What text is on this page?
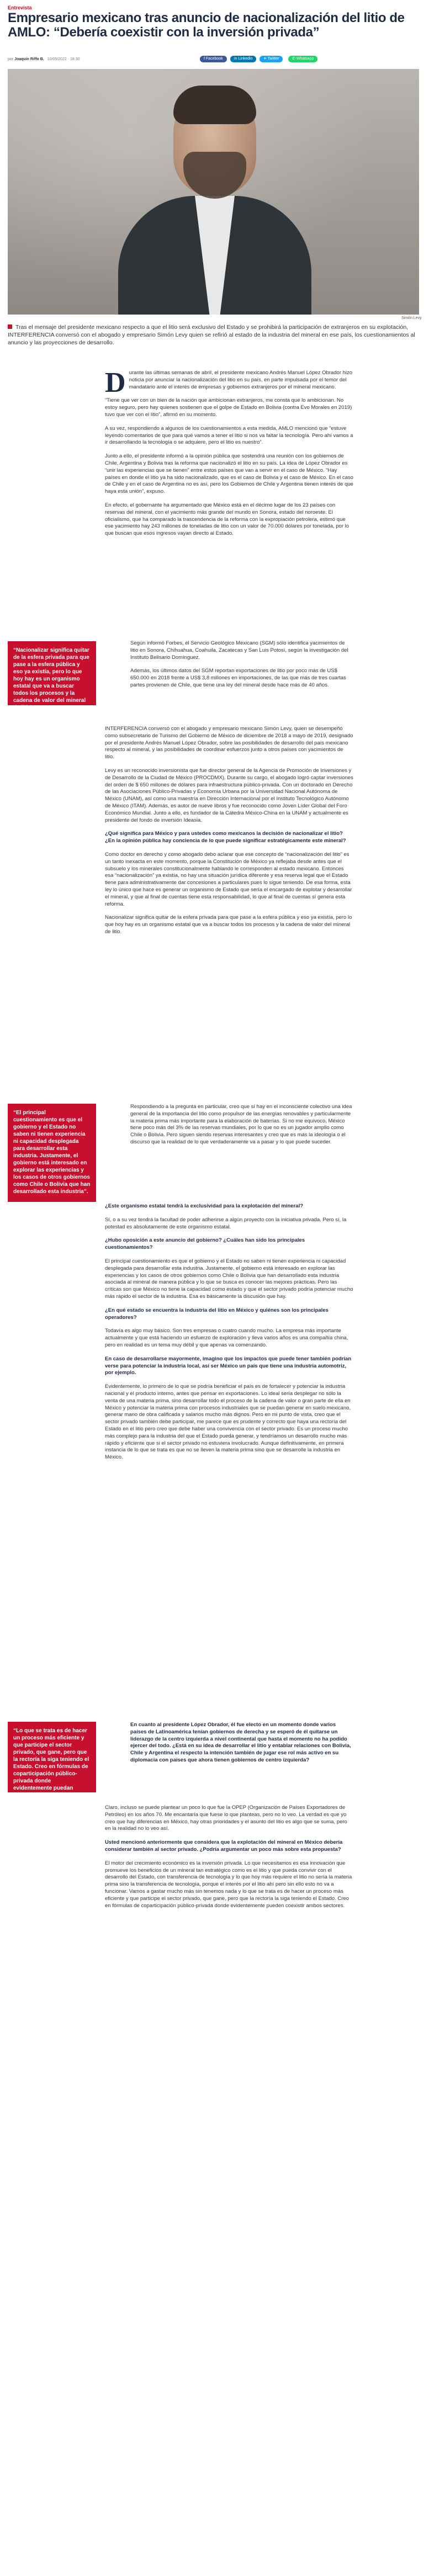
Entrevista
Empresario mexicano tras anuncio de nacionalización del litio de AMLO: “Debería coexistir con la inversión privada”
por Joaquín Riffo B. 10/05/2022 · 18:30	f Facebook	in Linkedin	✦ Twitter	✆ Whatsapp
Simón Levy
Tras el mensaje del presidente mexicano respecto a que el litio será exclusivo del Estado y se prohibirá la participación de extranjeros en su explotación, INTERFERENCIA conversó con el abogado y empresario Simón Levy quien se refirió al estado de la industria del mineral en ese país, los cuestionamientos al anuncio y las proyecciones de desarrollo.

Durante las últimas semanas de abril, el presidente mexicano Andrés Manuel López Obrador hizo noticia por anunciar la nacionalización del litio en su país, en parte impulsada por el temor del mandatario ante el interés de empresas y gobiernos extranjeros por el mineral mexicano.

“Tiene que ver con un bien de la nación que ambicionan extranjeros, me consta que lo ambicionan. No estoy seguro, pero hay quienes sostienen que el golpe de Estado en Bolivia (contra Evo Morales en 2019) tuvo que ver con el litio”, afirmó en su momento.

A su vez, respondiendo a algunos de los cuestionamientos a esta medida, AMLO mencionó que “estuve leyendo comentarios de que para qué vamos a tener el litio si nos va faltar la tecnología. Pero ahí vamos a ir desarrollando la tecnología o se adquiere, pero el litio es nuestro”.

Junto a ello, el presidente informó a la opinión pública que sostendrá una reunión con los gobiernos de Chile, Argentina y Bolivia tras la reforma que nacionalizó el litio en su país. La idea de López Obrador es “unir las experiencias que se tienen” entre estos países que van a servir en el caso de México. “Hay países en donde el litio ya ha sido nacionalizado, que es el caso de Bolivia y el caso de México. En el caso de Chile y en el caso de Argentina no es así, pero los Gobiernos de Chile y Argentina tienen interés de que haya esta unión”, expuso.

En efecto, el gobernante ha argumentado que México está en el décimo lugar de los 23 países con reservas del mineral, con el yacimiento más grande del mundo en Sonora, estado del noroeste. El oficialismo, que ha comparado la trascendencia de la reforma con la expropiación petrolera, estimó que ese yacimiento hay 243 millones de toneladas de litio con un valor de 70.000 dólares por tonelada, por lo que buscan que esos ingresos vayan directo al Estado.

“Nacionalizar significa quitar de la esfera privada para que pase a la esfera pública y eso ya existía, pero lo que hoy hay es un organismo estatal que va a buscar todos los procesos y la cadena de valor del mineral de litio”.

Según informó Forbes, el Servicio Geológico Mexicano (SGM) sólo identifica yacimientos de litio en Sonora, Chihuahua, Coahuila, Zacatecas y San Luis Potosí, según la investigación del Instituto Belisario Domínguez.

Además, los últimos datos del SGM reportan exportaciones de litio por poco más de US$ 650.000 en 2018 frente a US$ 3,8 millones en importaciones, de las que más de tres cuartas partes provienen de Chile, que tiene una ley del mineral desde hace más de 40 años.

INTERFERENCIA conversó con el abogado y empresario mexicano Simón Levy, quien se desempeñó como subsecretario de Turismo del Gobierno de México de diciembre de 2018 a mayo de 2019, designado por el presidente Andrés Manuel López Obrador, sobre las posibilidades de desarrollo del país mexicano respecto al mineral, y las posibilidades de coordinar esfuerzos junto a otros países con yacimientos de litio.

Levy es un reconocido inversionista que fue director general de la Agencia de Promoción de Inversiones y de Desarrollo de la Ciudad de México (PROCDMX). Durante su cargo, el abogado logró captar inversiones del orden de $ 650 millones de dólares para infraestructura público-privada. Con un doctorado en Derecho de las Asociaciones Público-Privadas y Economía Urbana por la Universidad Nacional Autónoma de México (UNAM), así como una maestría en Dirección Internacional por el Instituto Tecnológico Autónomo de México (ITAM). Además, es autor de nueve libros y fue reconocido como Joven Líder Global del Foro Económico Mundial. Junto a ello, es fundador de la Cátedra México-China en la UNAM y actualmente es presidente del fondo de inversión Ideasia.

¿Qué significa para México y para ustedes como mexicanos la decisión de nacionalizar el litio? ¿En la opinión pública hay conciencia de lo que puede significar estratégicamente este mineral?

Como doctor en derecho y como abogado debo aclarar que ese concepto de “nacionalización del litio” es un tanto inexacta en este momento, porque la Constitución de México ya reflejaba desde antes que el subsuelo y los minerales constitucionalmente hablando le corresponden al estado mexicano. Entonces esa “nacionalización” ya existía, no hay una situación jurídica diferente y esa reserva legal que el Estado tiene para administrativamente dar concesiones a particulares pues lo sigue teniendo. De esa forma, esta ley lo único que hace es generar un organismo de Estado que sería el encargado de explotar y desarrollar el mineral, y que al final de cuentas tiene esta responsabilidad, lo que al final de cuentas sí genera esta reforma.

Nacionalizar significa quitar de la esfera privada para que pase a la esfera pública y eso ya existía, pero lo que hoy hay es un organismo estatal que va a buscar todos los procesos y la cadena de valor del mineral de litio.

“El principal cuestionamiento es que el gobierno y el Estado no saben ni tienen experiencia ni capacidad desplegada para desarrollar esta industria. Justamente, el gobierno está interesado en explorar las experiencias y los casos de otros gobiernos como Chile o Bolivia que han desarrollado esta industria”.

Respondiendo a la pregunta en particular, creo que sí hay en el inconsciente colectivo una idea general de la importancia del litio como propulsor de las energías renovables y particularmente la materia prima más importante para la elaboración de baterías. Si no me equivoco, México tiene poco más del 3% de las reservas mundiales, por lo que no es un jugador amplio como Chile o Bolivia. Pero siguen siendo reservas interesantes y creo que es más la ideología o el discurso que la realidad de lo que verdaderamente va a pasar y lo que puede suceder.

¿Este organismo estatal tendrá la exclusividad para la explotación del mineral?

Sí, o a su vez tendrá la facultad de poder adherirse a algún proyecto con la iniciativa privada. Pero sí, la potestad es absolutamente de este organismo estatal.

¿Hubo oposición a este anuncio del gobierno? ¿Cuáles han sido los principales cuestionamientos?

El principal cuestionamiento es que el gobierno y el Estado no saben ni tienen experiencia ni capacidad desplegada para desarrollar esta industria. Justamente, el gobierno está interesado en explorar las experiencias y los casos de otros gobiernos como Chile o Bolivia que han desarrollado esta industria asociada al mineral de manera pública y lo que se busca es conocer las mejores prácticas. Pero las críticas son que México no tiene la capacidad como estado y que el sector privado podría potenciar mucho más rápido el sector de la industria. Esa es básicamente la discusión que hay.

¿En qué estado se encuentra la industria del litio en México y quiénes son los principales operadores?

Todavía es algo muy básico. Son tres empresas o cuatro cuando mucho. La empresa más importante actualmente y que está haciendo un esfuerzo de exploración y lleva varios años es una compañía china, pero en realidad es un tema muy débil y que apenas va comenzando.

En caso de desarrollarse mayormente, imagino que los impactos que puede tener también podrían verse para potenciar la industria local, así ser México un país que tiene una industria automotriz, por ejemplo.

Evidentemente, lo primero de lo que se podría beneficiar el país es de fortalecer y potenciar la industria nacional y el producto interno, antes que pensar en exportaciones. Lo ideal sería desplegar no sólo la venta de una materia prima, sino desarrollar todo el proceso de la cadena de valor o gran parte de ella en México y potenciar la materia prima con procesos industriales que se puedan generar en suelo mexicano, generar mano de obra calificada y salarios mucho más dignos. Pero en mi punto de vista, creo que el sector privado también debe participar, me parece que es prudente y correcto que haya una rectoría del Estado en el litio pero creo que debe haber una convivencia con el sector privado. Es un proceso mucho más complejo para la industria del que el Estado pueda generar, y tendríamos un desarrollo mucho más rápido y eficiente que si el sector privado no estuviera involucrado. Aunque definitivamente, en primera instancia de lo que se trata es que no se lleven la materia prima sino que se desarrolle la industria en México.

“Lo que se trata es de hacer un proceso más eficiente y que participe el sector privado, que gane, pero que la rectoría la siga teniendo el Estado. Creo en fórmulas de coparticipación público-privada donde evidentemente puedan coexistir ambos sectores”.

En cuanto al presidente López Obrador, él fue electo en un momento donde varios países de Latinoamérica tenían gobiernos de derecha y se esperó de él quitarse un liderazgo de la centro izquierda a nivel continental que hasta el momento no ha podido ejercer del todo. ¿Está en su idea de desarrollar el litio y entablar relaciones con Bolivia, Chile y Argentina el respecto la intención también de jugar ese rol más activo en su diplomacia con países que ahora tienen gobiernos de centro izquierda?

Claro, incluso se puede plantear un poco lo que fue la OPEP (Organización de Países Exportadores de Petróleo) en los años 70. Me encantaría que fuese lo que planteas, pero no lo veo. La verdad es que yo creo que hay diferencias en México, hay otras prioridades y el asunto del litio es algo que se suma, pero en la realidad no lo veo así.

Usted mencionó anteriormente que considera que la explotación del mineral en México debería considerar también al sector privado. ¿Podría argumentar un poco más sobre esta propuesta?

El motor del crecimiento económico es la inversión privada. Lo que necesitamos es esa innovación que promueve los beneficios de un mineral tan estratégico como es el litio y que pueda convivir con el desarrollo del Estado, con transferencia de tecnología y lo que hoy más requiere el litio no sería la materia prima sino la transferencia de tecnología, porque el interés por el litio ahí pero sin ello esto no va a funcionar. Vamos a gastar mucho más sin tenemos nada y lo que se trata es de hacer un proceso más eficiente y que participe el sector privado, que gane, pero que la rectoría la siga teniendo el Estado. Creo en fórmulas de coparticipación público-privada donde evidentemente pueden coexistir ambos sectores.
